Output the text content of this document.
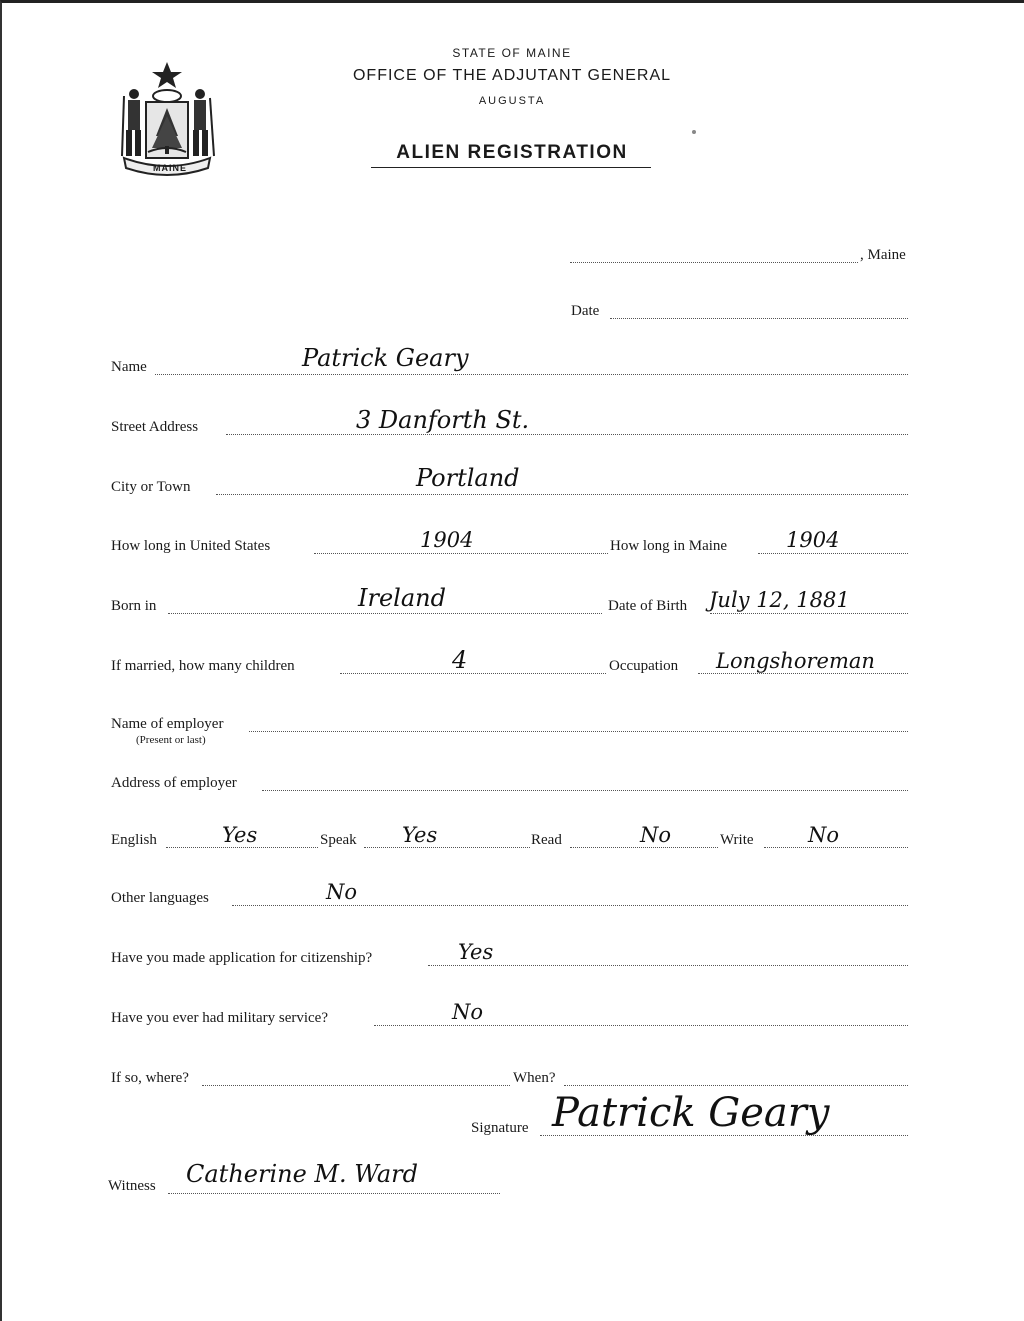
MAINE
STATE OF MAINE
OFFICE OF THE ADJUTANT GENERAL
AUGUSTA
ALIEN REGISTRATION
, Maine
Date
Name	Patrick Geary
Street Address	3 Danforth St.
City or Town	Portland
How long in United States	1904	How long in Maine	1904
Born in	Ireland	Date of Birth July 12, 1881
If married, how many children	4	Occupation Longshoreman
Name of employer
(Present or last)
Address of employer
English	Yes	Speak Yes	Read	No	Write	No
Other languages	No
Have you made application for citizenship?	Yes
Have you ever had military service?	No
If so, where?	When?
Signature Patrick Geary
Witness Catherine M. Ward
